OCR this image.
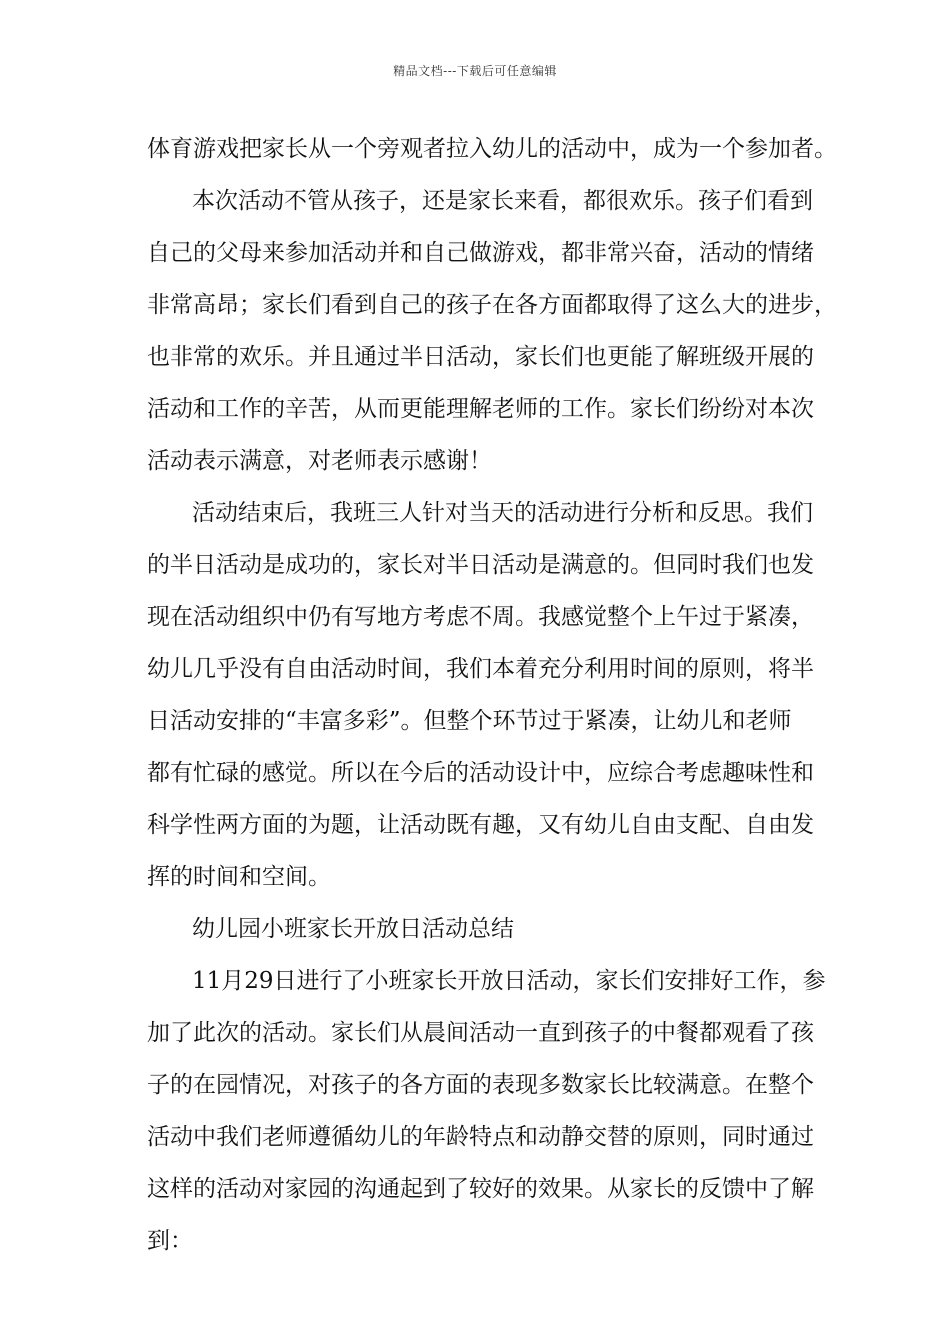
精品文档---下载后可任意编辑
体育游戏把家长从一个旁观者拉入幼儿的活动中，成为一个参加者。
本次活动不管从孩子，还是家长来看，都很欢乐。孩子们看到
自己的父母来参加活动并和自己做游戏，都非常兴奋，活动的情绪
非常高昂；家长们看到自己的孩子在各方面都取得了这么大的进步，
也非常的欢乐。并且通过半日活动，家长们也更能了解班级开展的
活动和工作的辛苦，从而更能理解老师的工作。家长们纷纷对本次
活动表示满意，对老师表示感谢！
活动结束后，我班三人针对当天的活动进行分析和反思。我们
的半日活动是成功的，家长对半日活动是满意的。但同时我们也发
现在活动组织中仍有写地方考虑不周。我感觉整个上午过于紧凑，
幼儿几乎没有自由活动时间，我们本着充分利用时间的原则，将半
日活动安排的“丰富多彩”。但整个环节过于紧凑，让幼儿和老师
都有忙碌的感觉。所以在今后的活动设计中，应综合考虑趣味性和
科学性两方面的为题，让活动既有趣，又有幼儿自由支配、自由发
挥的时间和空间。
幼儿园小班家长开放日活动总结
11月29日进行了小班家长开放日活动，家长们安排好工作，参
加了此次的活动。家长们从晨间活动一直到孩子的中餐都观看了孩
子的在园情况，对孩子的各方面的表现多数家长比较满意。在整个
活动中我们老师遵循幼儿的年龄特点和动静交替的原则，同时通过
这样的活动对家园的沟通起到了较好的效果。从家长的反馈中了解
到：
